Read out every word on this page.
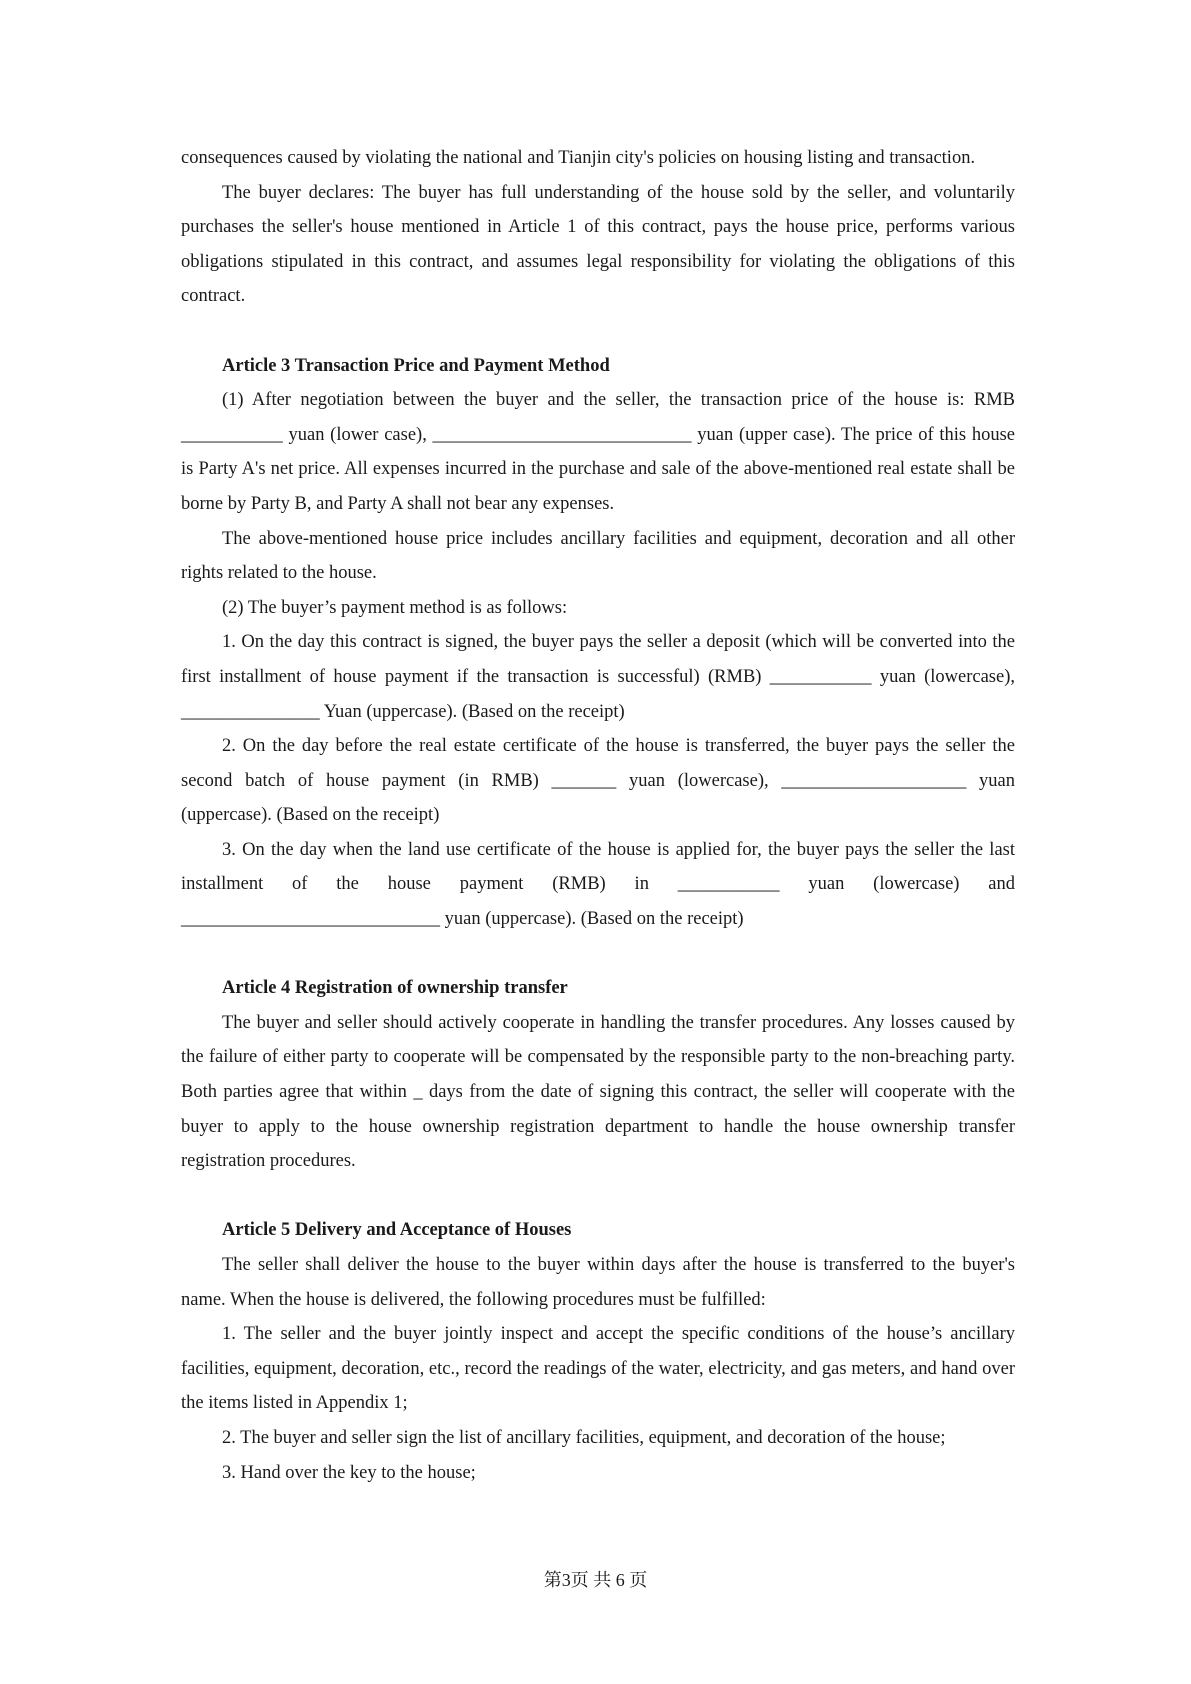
consequences caused by violating the national and Tianjin city's policies on housing listing and transaction.

The buyer declares: The buyer has full understanding of the house sold by the seller, and voluntarily purchases the seller's house mentioned in Article 1 of this contract, pays the house price, performs various obligations stipulated in this contract, and assumes legal responsibility for violating the obligations of this contract.

Article 3 Transaction Price and Payment Method

(1) After negotiation between the buyer and the seller, the transaction price of the house is: RMB ___________ yuan (lower case), ____________________________ yuan (upper case). The price of this house is Party A's net price. All expenses incurred in the purchase and sale of the above-mentioned real estate shall be borne by Party B, and Party A shall not bear any expenses.

The above-mentioned house price includes ancillary facilities and equipment, decoration and all other rights related to the house.

(2) The buyer’s payment method is as follows:

1. On the day this contract is signed, the buyer pays the seller a deposit (which will be converted into the first installment of house payment if the transaction is successful) (RMB) ___________ yuan (lowercase), _______________ Yuan (uppercase). (Based on the receipt)

2. On the day before the real estate certificate of the house is transferred, the buyer pays the seller the second batch of house payment (in RMB) _______ yuan (lowercase), ____________________ yuan (uppercase). (Based on the receipt)

3. On the day when the land use certificate of the house is applied for, the buyer pays the seller the last installment of the house payment (RMB) in ___________ yuan (lowercase) and ____________________________ yuan (uppercase). (Based on the receipt)

Article 4 Registration of ownership transfer

The buyer and seller should actively cooperate in handling the transfer procedures. Any losses caused by the failure of either party to cooperate will be compensated by the responsible party to the non-breaching party. Both parties agree that within _ days from the date of signing this contract, the seller will cooperate with the buyer to apply to the house ownership registration department to handle the house ownership transfer registration procedures.

Article 5 Delivery and Acceptance of Houses

The seller shall deliver the house to the buyer within days after the house is transferred to the buyer's name. When the house is delivered, the following procedures must be fulfilled:

1. The seller and the buyer jointly inspect and accept the specific conditions of the house’s ancillary facilities, equipment, decoration, etc., record the readings of the water, electricity, and gas meters, and hand over the items listed in Appendix 1;

2. The buyer and seller sign the list of ancillary facilities, equipment, and decoration of the house;

3. Hand over the key to the house;

第3页 共 6 页
